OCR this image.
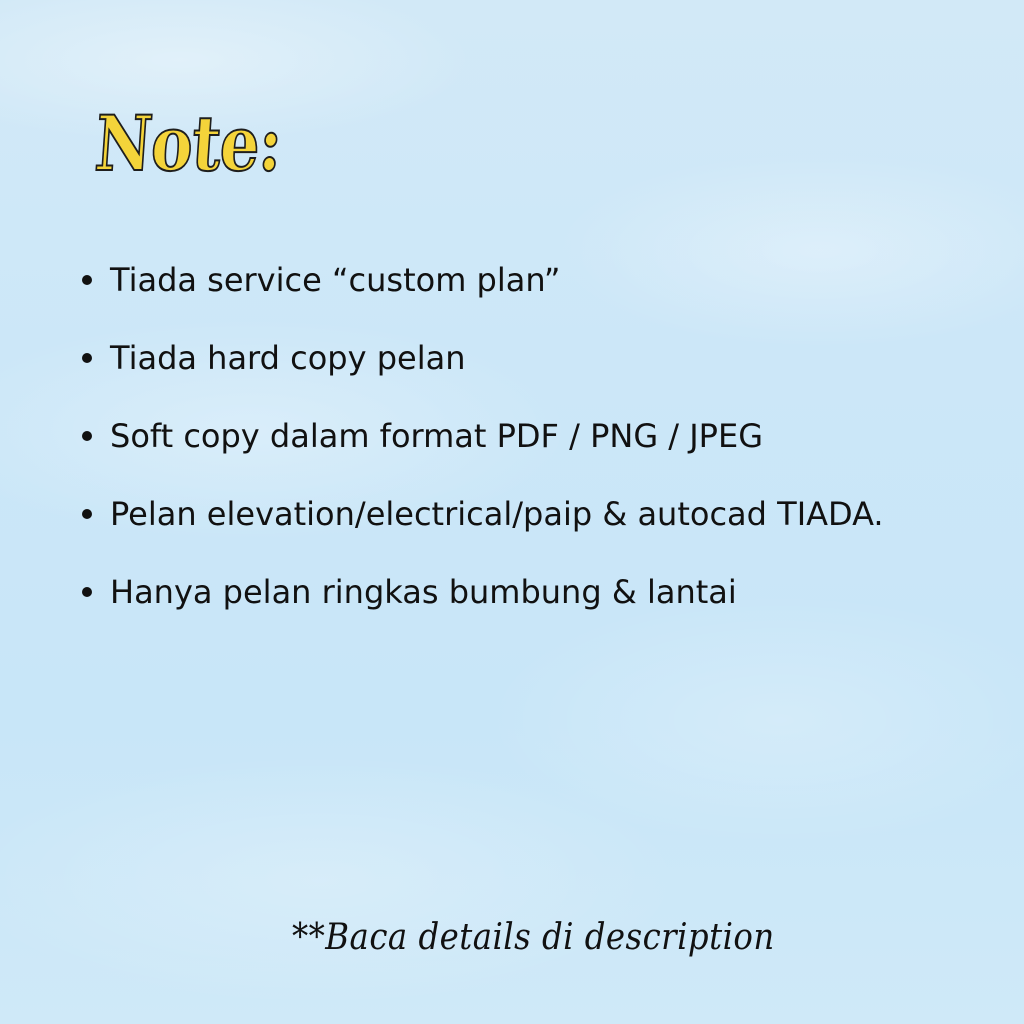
Note:
Tiada service “custom plan”
Tiada hard copy pelan
Soft copy dalam format PDF / PNG / JPEG
Pelan elevation/electrical/paip & autocad TIADA.
Hanya pelan ringkas bumbung & lantai

**Baca details di description
